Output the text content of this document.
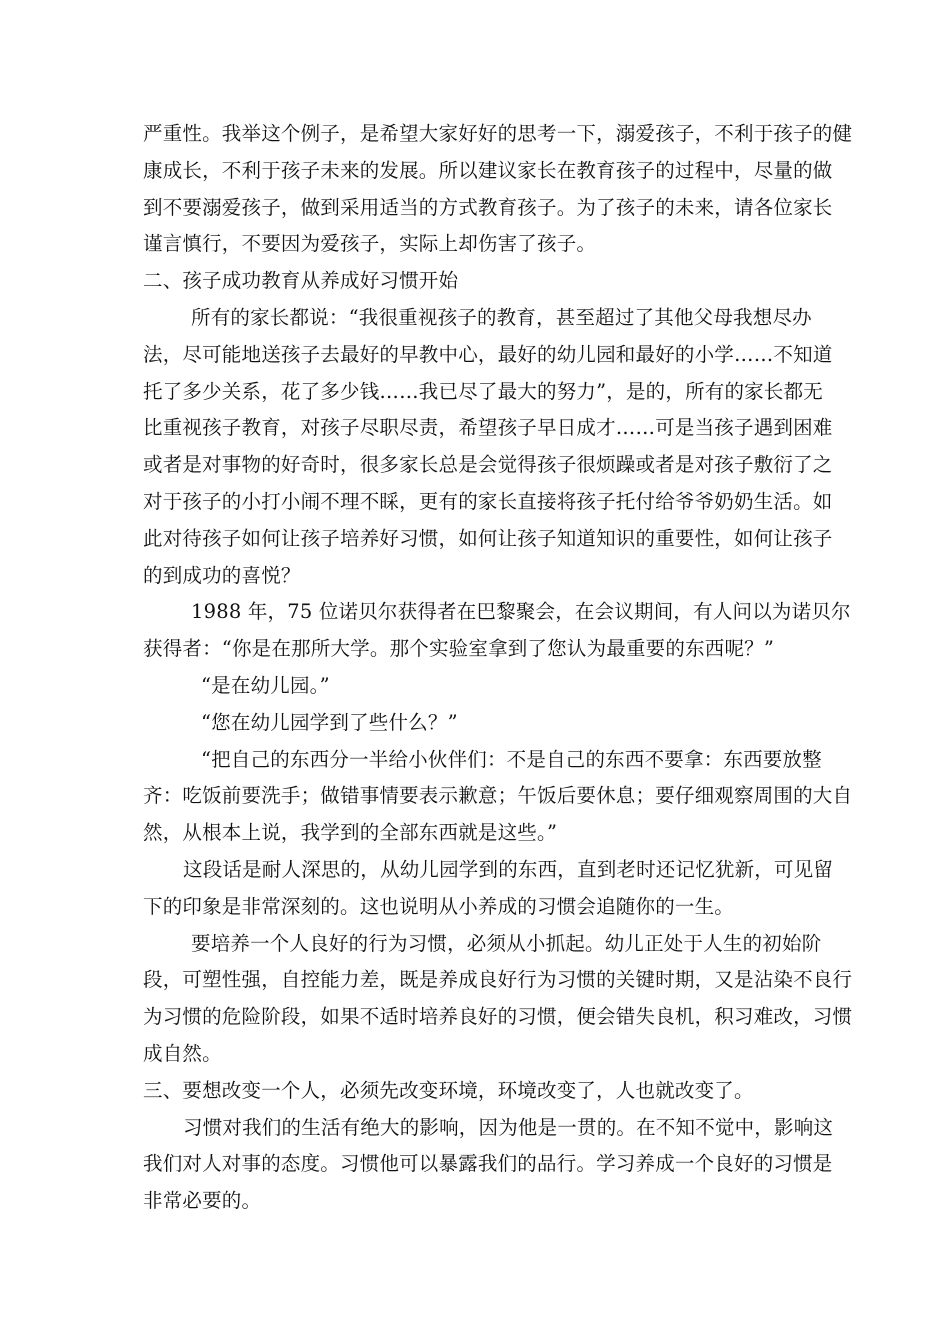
严重性。我举这个例子，是希望大家好好的思考一下，溺爱孩子，不利于孩子的健
康成长，不利于孩子未来的发展。所以建议家长在教育孩子的过程中，尽量的做
到不要溺爱孩子，做到采用适当的方式教育孩子。为了孩子的未来，请各位家长
谨言慎行，不要因为爱孩子，实际上却伤害了孩子。
二、孩子成功教育从养成好习惯开始
所有的家长都说：“我很重视孩子的教育，甚至超过了其他父母我想尽办
法，尽可能地送孩子去最好的早教中心，最好的幼儿园和最好的小学……不知道
托了多少关系，花了多少钱……我已尽了最大的努力”，是的，所有的家长都无
比重视孩子教育，对孩子尽职尽责，希望孩子早日成才……可是当孩子遇到困难
或者是对事物的好奇时，很多家长总是会觉得孩子很烦躁或者是对孩子敷衍了之
对于孩子的小打小闹不理不睬，更有的家长直接将孩子托付给爷爷奶奶生活。如
此对待孩子如何让孩子培养好习惯，如何让孩子知道知识的重要性，如何让孩子
的到成功的喜悦？
1988 年，75 位诺贝尔获得者在巴黎聚会，在会议期间，有人问以为诺贝尔
获得者：“你是在那所大学。那个实验室拿到了您认为最重要的东西呢？”
“是在幼儿园。”
“您在幼儿园学到了些什么？”
“把自己的东西分一半给小伙伴们：不是自己的东西不要拿：东西要放整
齐：吃饭前要洗手；做错事情要表示歉意；午饭后要休息；要仔细观察周围的大自
然，从根本上说，我学到的全部东西就是这些。”
这段话是耐人深思的，从幼儿园学到的东西，直到老时还记忆犹新，可见留
下的印象是非常深刻的。这也说明从小养成的习惯会追随你的一生。
要培养一个人良好的行为习惯，必须从小抓起。幼儿正处于人生的初始阶
段，可塑性强，自控能力差，既是养成良好行为习惯的关键时期，又是沾染不良行
为习惯的危险阶段，如果不适时培养良好的习惯，便会错失良机，积习难改，习惯
成自然。
三、要想改变一个人，必须先改变环境，环境改变了，人也就改变了。
习惯对我们的生活有绝大的影响，因为他是一贯的。在不知不觉中，影响这
我们对人对事的态度。习惯他可以暴露我们的品行。学习养成一个良好的习惯是
非常必要的。
